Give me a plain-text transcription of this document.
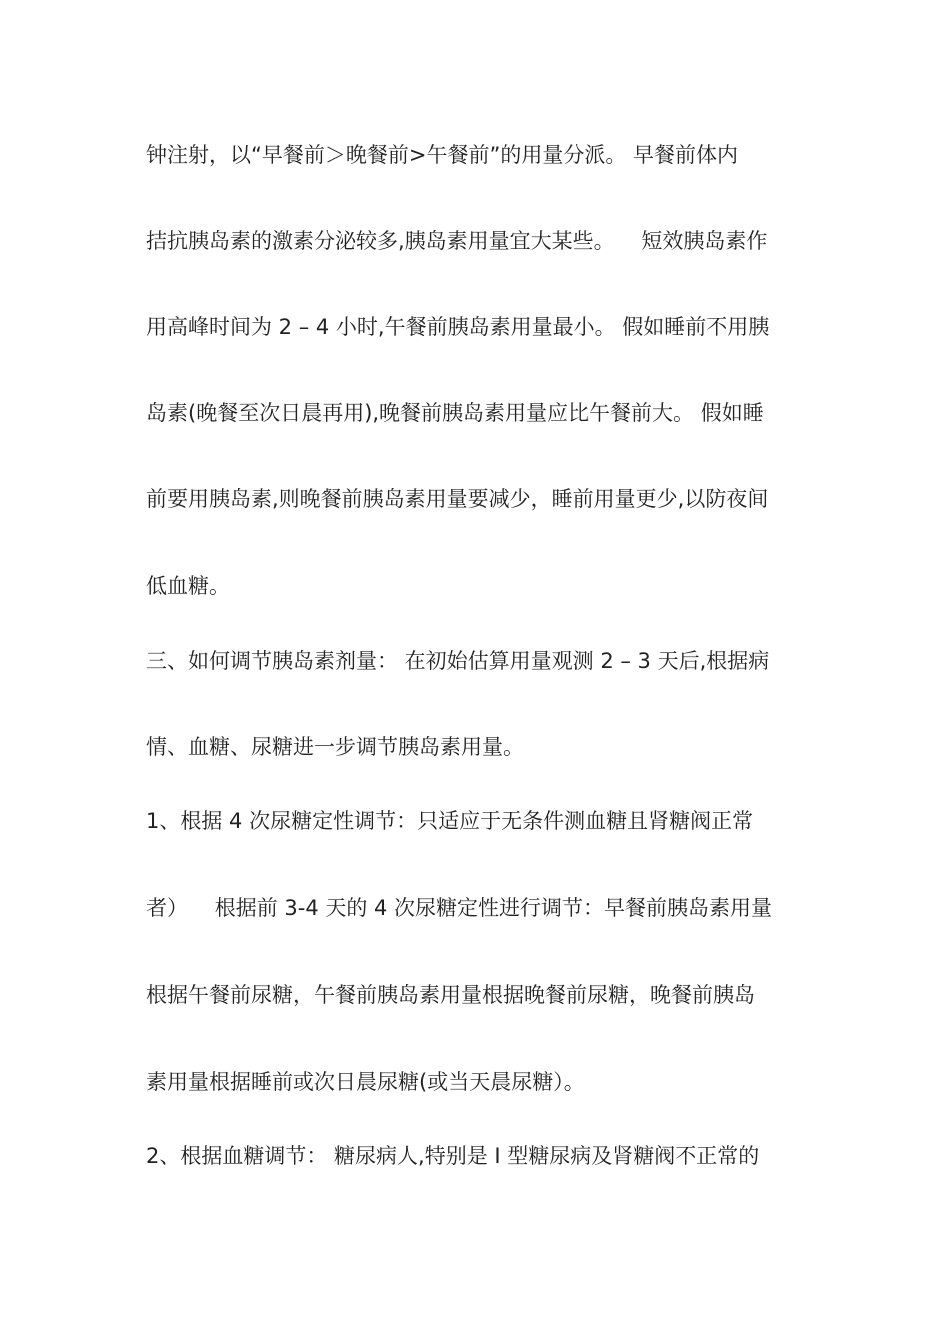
钟注射，以“早餐前＞晚餐前>午餐前”的用量分派。 早餐前体内
拮抗胰岛素的激素分泌较多,胰岛素用量宜大某些。    短效胰岛素作
用高峰时间为 2 – 4 小时,午餐前胰岛素用量最小。 假如睡前不用胰
岛素(晚餐至次日晨再用),晚餐前胰岛素用量应比午餐前大。 假如睡
前要用胰岛素,则晚餐前胰岛素用量要减少，睡前用量更少,以防夜间
低血糖。
三、如何调节胰岛素剂量： 在初始估算用量观测 2 – 3 天后,根据病
情、血糖、尿糖进一步调节胰岛素用量。
1、根据 4 次尿糖定性调节：只适应于无条件测血糖且肾糖阀正常
者）    根据前 3-4 天的 4 次尿糖定性进行调节：早餐前胰岛素用量
根据午餐前尿糖，午餐前胰岛素用量根据晚餐前尿糖，晚餐前胰岛
素用量根据睡前或次日晨尿糖(或当天晨尿糖）。
2、根据血糖调节： 糖尿病人,特别是 I 型糖尿病及肾糖阀不正常的
